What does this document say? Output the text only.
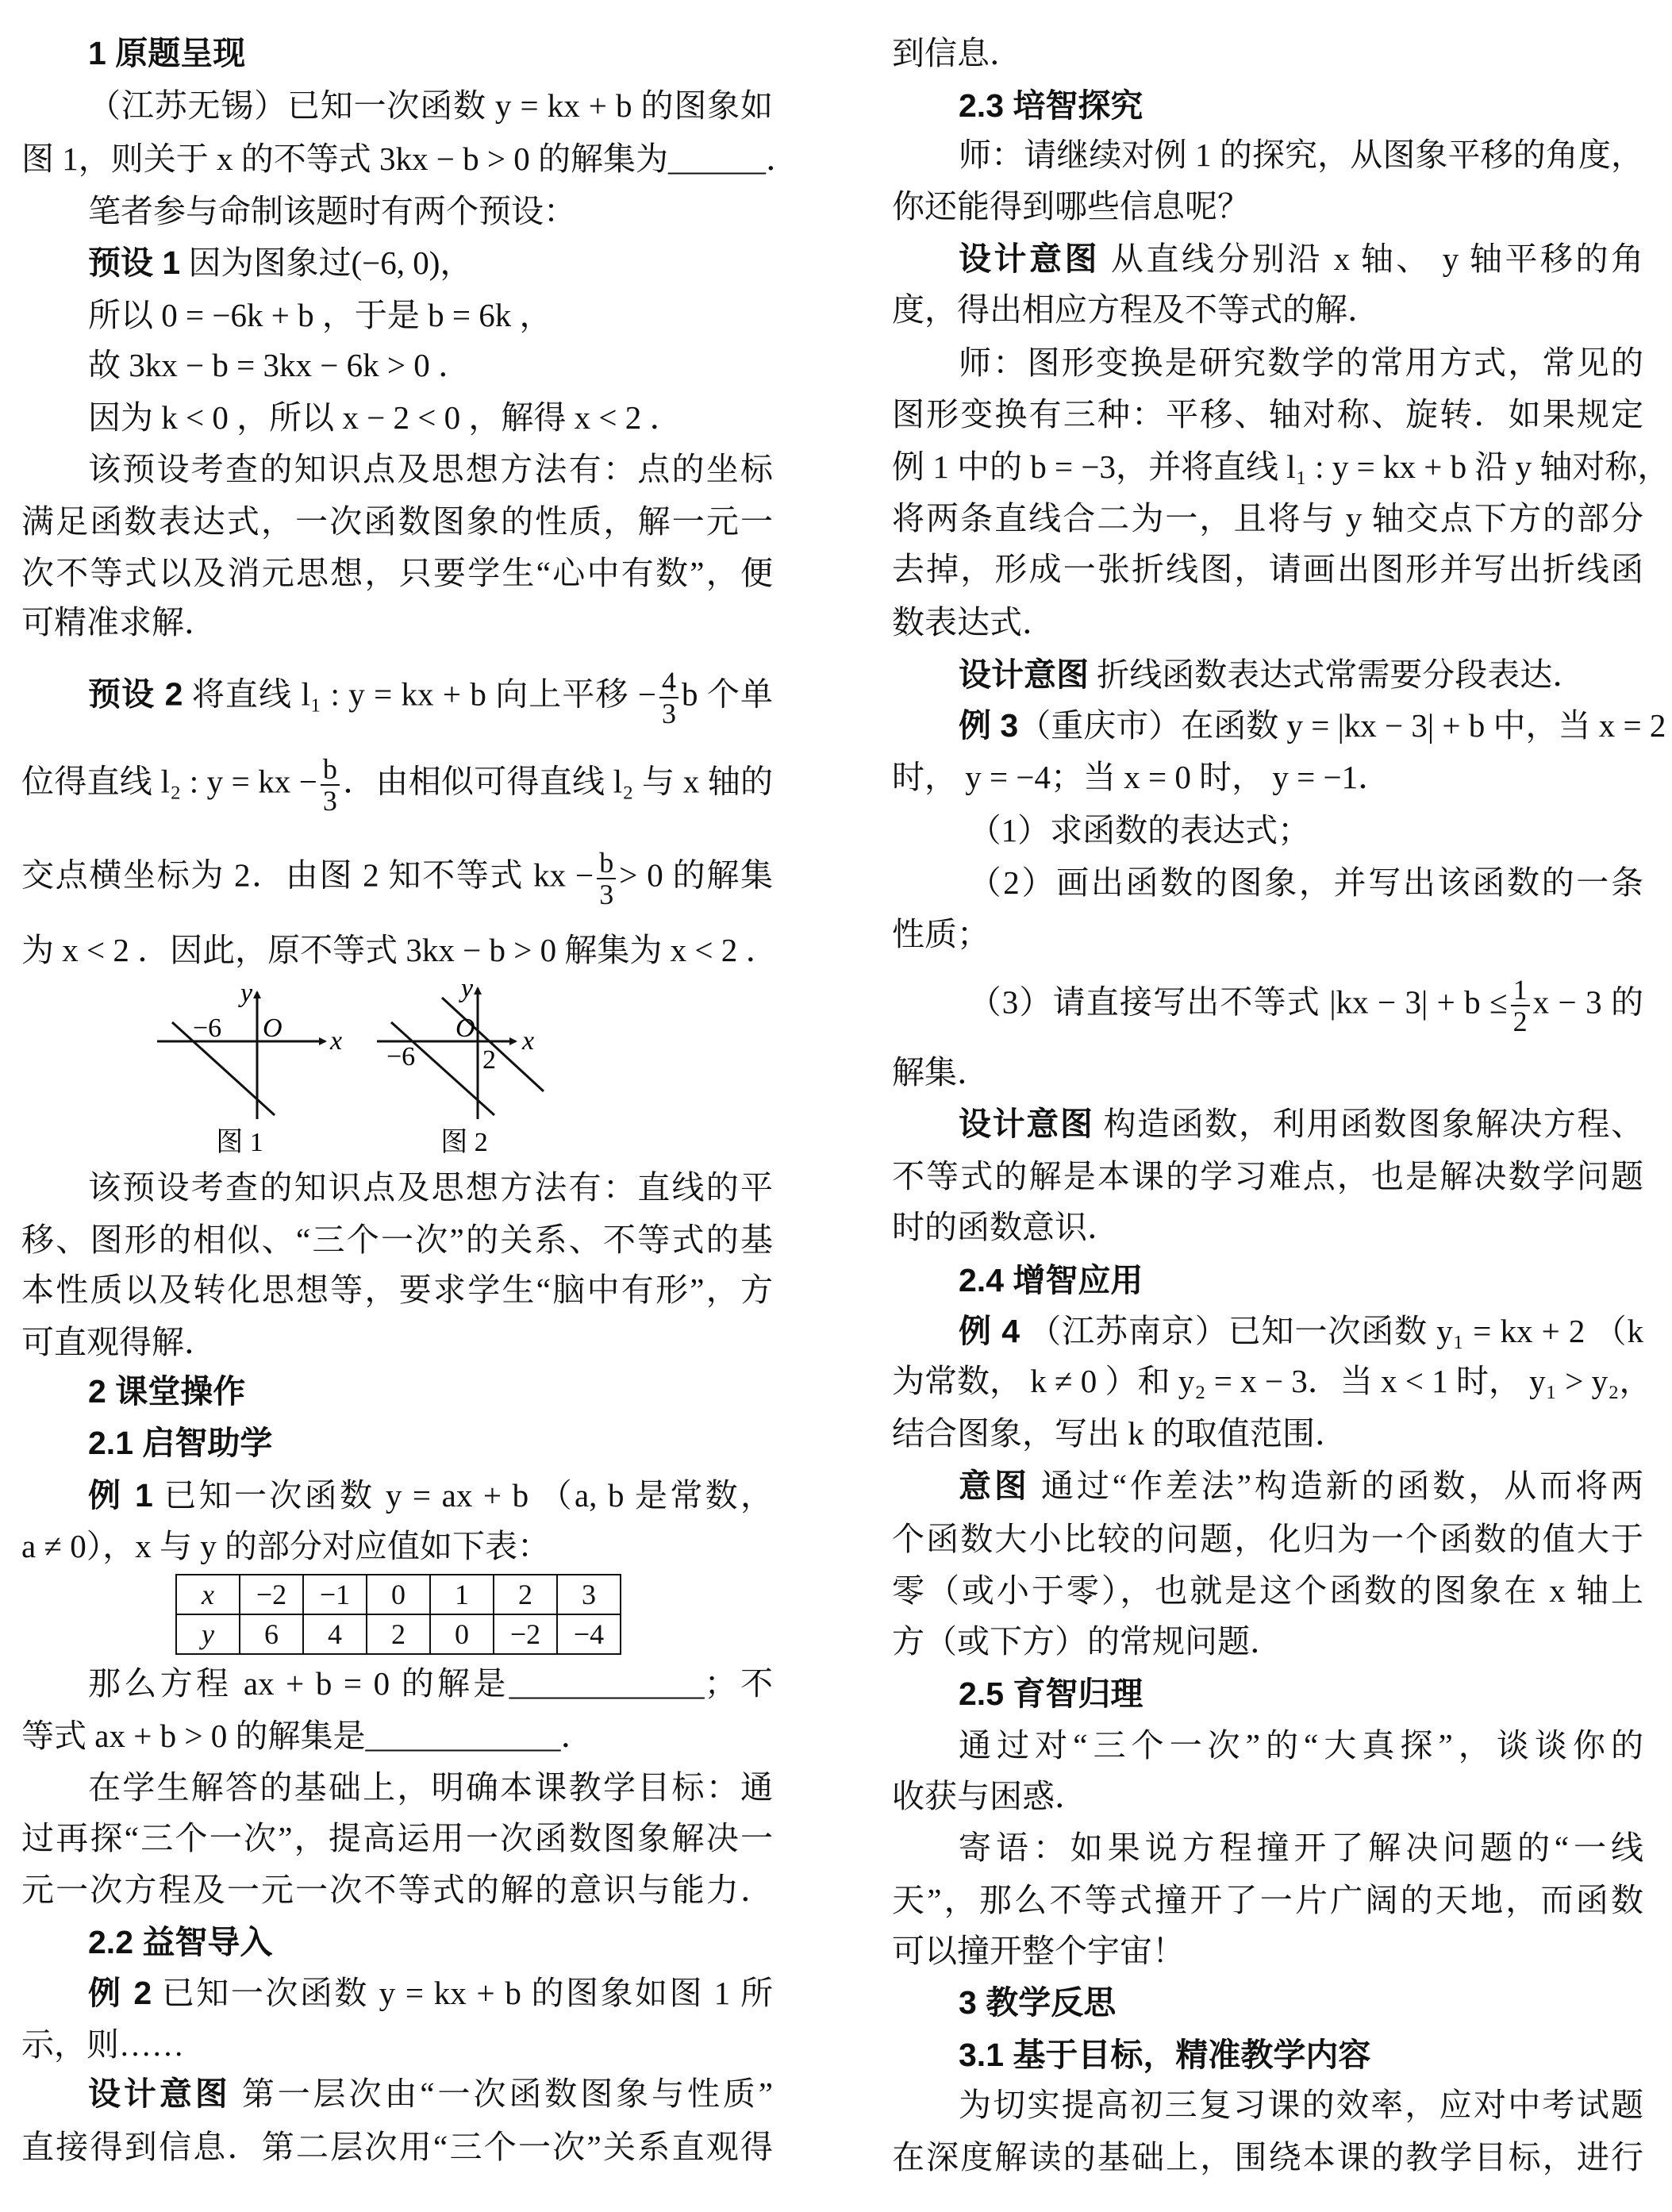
1 原题呈现
（江苏无锡）已知一次函数 y = kx + b 的图象如
图 1，则关于 x 的不等式 3kx − b > 0 的解集为______．
笔者参与命制该题时有两个预设：
预设 1 因为图象过(−6, 0)，
所以 0 = −6k + b ，于是 b = 6k ，
故 3kx − b = 3kx − 6k > 0 ．
因为 k < 0 ，所以 x − 2 < 0 ，解得 x < 2 ．
该预设考查的知识点及思想方法有：点的坐标
满足函数表达式，一次函数图象的性质，解一元一
次不等式以及消元思想，只要学生“心中有数”，便
可精准求解．
预设 2 将直线 l₁ : y = kx + b 向上平移 − $\frac{4}{3}$ b 个单
位得直线 l₂ : y = kx − $\frac{b}{3}$ ．由相似可得直线 l₂ 与 x 轴的
交点横坐标为 2．由图 2 知不等式 kx − $\frac{b}{3} > 0$ 的解集
为 x < 2 ．因此，原不等式 3kx − b > 0 解集为 x < 2 ．
该预设考查的知识点及思想方法有：直线的平
移、图形的相似、“三个一次”的关系、不等式的基
本性质以及转化思想等，要求学生“脑中有形”，方
可直观得解．
2 课堂操作
2.1 启智助学
例 1 已知一次函数 y = ax + b （a, b 是常数，
a ≠ 0），x 与 y 的部分对应值如下表：
那么方程 ax + b = 0 的解是____________；不
等式 ax + b > 0 的解集是____________．
在学生解答的基础上，明确本课教学目标：通
过再探“三个一次”，提高运用一次函数图象解决一
元一次方程及一元一次不等式的解的意识与能力．
2.2 益智导入
例 2 已知一次函数 y = kx + b 的图象如图 1 所
示，则……
设计意图 第一层次由“一次函数图象与性质”
直接得到信息．第二层次用“三个一次”关系直观得
到信息．
2.3 培智探究
师：请继续对例 1 的探究，从图象平移的角度，
你还能得到哪些信息呢？
设计意图 从直线分别沿 x 轴、 y 轴平移的角
度，得出相应方程及不等式的解．
师：图形变换是研究数学的常用方式，常见的
图形变换有三种：平移、轴对称、旋转．如果规定
例 1 中的 b = −3，并将直线 l₁ : y = kx + b 沿 y 轴对称，
将两条直线合二为一，且将与 y 轴交点下方的部分
去掉，形成一张折线图，请画出图形并写出折线函
数表达式．
设计意图 折线函数表达式常需要分段表达．
例 3（重庆市）在函数 y = |kx − 3| + b 中，当 x = 2
时， y = −4；当 x = 0 时， y = −1．
（1）求函数的表达式；
（2）画出函数的图象，并写出该函数的一条
性质；
（3）请直接写出不等式 $|kx - 3| + b \le \frac{1}{2}$ x − 3 的
解集．
设计意图 构造函数，利用函数图象解决方程、
不等式的解是本课的学习难点，也是解决数学问题
时的函数意识．
2.4 增智应用
例 4 （江苏南京）已知一次函数 y₁ = kx + 2 （k
为常数， k ≠ 0 ）和 y₂ = x − 3．当 x < 1 时， y₁ > y₂，
结合图象，写出 k 的取值范围．
意图 通过“作差法”构造新的函数，从而将两
个函数大小比较的问题，化归为一个函数的值大于
零（或小于零），也就是这个函数的图象在 x 轴上
方（或下方）的常规问题．
2.5 育智归理
通过对“三个一次”的“大真探”，谈谈你的
收获与困惑．
寄语：如果说方程撞开了解决问题的“一线
天”，那么不等式撞开了一片广阔的天地，而函数
可以撞开整个宇宙！
3 教学反思
3.1 基于目标，精准教学内容
为切实提高初三复习课的效率，应对中考试题
在深度解读的基础上，围绕本课的教学目标，进行
x	−2	−1	0	1	2	3
y	6	4	2	0	−2	−4
y
O x
−6
图 1
y
O x
−6 2
图 2
